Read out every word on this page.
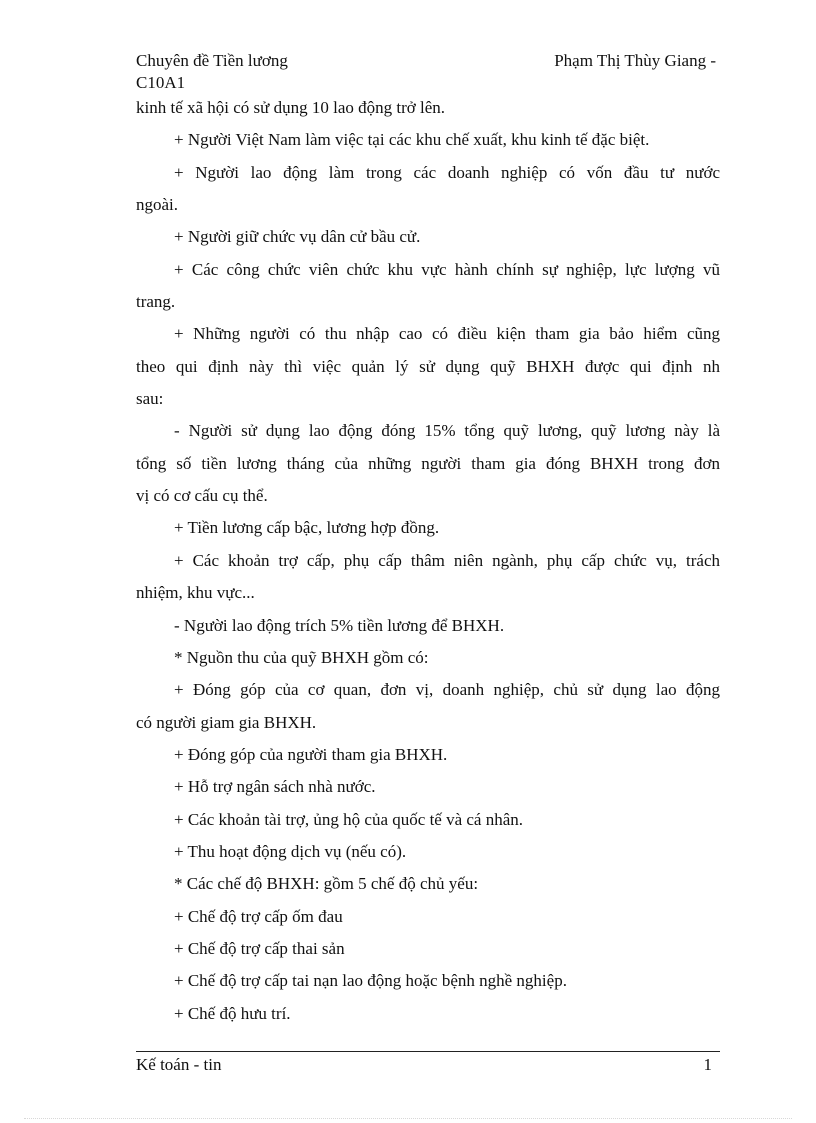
Chuyên đề Tiền lương	Phạm Thị Thùy Giang -
C10A1
kinh tế xã hội có sử dụng 10 lao động trở lên.
+ Người Việt Nam làm việc tại các khu chế xuất, khu kinh tế đặc biệt.
+ Người lao động làm trong các doanh nghiệp có vốn đầu tư nước
ngoài.
+ Người giữ chức vụ dân cử bầu cử.
+ Các công chức viên chức khu vực hành chính sự nghiệp, lực lượng vũ
trang.
+ Những người có thu nhập cao có điều kiện tham gia bảo hiểm cũng
theo qui định này thì việc quản lý sử dụng quỹ BHXH được qui định nh
sau:
- Người sử dụng lao động đóng 15% tổng quỹ lương, quỹ lương này là
tổng số tiền lương tháng của những người tham gia đóng BHXH trong đơn
vị có cơ cấu cụ thể.
+ Tiền lương cấp bậc, lương hợp đồng.
+ Các khoản trợ cấp, phụ cấp thâm niên ngành, phụ cấp chức vụ, trách
nhiệm, khu vực...
- Người lao động trích 5% tiền lương để BHXH.
* Nguồn thu của quỹ BHXH gồm có:
+ Đóng góp của cơ quan, đơn vị, doanh nghiệp, chủ sử dụng lao động
có người giam gia BHXH.
+ Đóng góp của người tham gia BHXH.
+ Hỗ trợ ngân sách nhà nước.
+ Các khoản tài trợ, ủng hộ của quốc tế và cá nhân.
+ Thu hoạt động dịch vụ (nếu có).
* Các chế độ BHXH: gồm 5 chế độ chủ yếu:
+ Chế độ trợ cấp ốm đau
+ Chế độ trợ cấp thai sản
+ Chế độ trợ cấp tai nạn lao động hoặc bệnh nghề nghiệp.
+ Chế độ hưu trí.
Kế toán - tin	1
